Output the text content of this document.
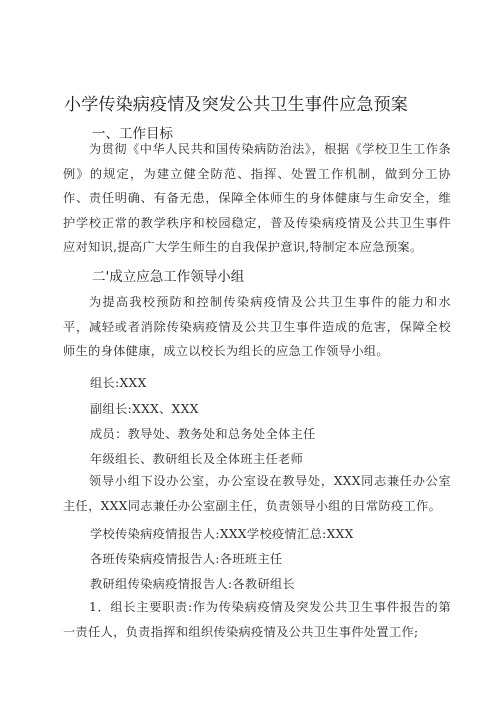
小学传染病疫情及突发公共卫生事件应急预案
一、工作目标
为贯彻《中华人民共和国传染病防治法》，根据《学校卫生工作条例》的规定，为建立健全防范、指挥、处置工作机制，做到分工协作、责任明确、有备无患，保障全体师生的身体健康与生命安全，维护学校正常的教学秩序和校园稳定，普及传染病疫情及公共卫生事件应对知识,提高广大学生师生的自我保护意识,特制定本应急预案。
二'成立应急工作领导小组
为提高我校预防和控制传染病疫情及公共卫生事件的能力和水平，减轻或者消除传染病疫情及公共卫生事件造成的危害，保障全校师生的身体健康，成立以校长为组长的应急工作领导小组。
组长:XXX
副组长:XXX、XXX
成员：教导处、教务处和总务处全体主任
年级组长、教研组长及全体班主任老师
领导小组下设办公室，办公室设在教导处，XXX同志兼任办公室主任，XXX同志兼任办公室副主任，负责领导小组的日常防疫工作。
学校传染病疫情报告人:XXX学校疫情汇总:XXX
各班传染病疫情报告人:各班班主任
教研组传染病疫情报告人:各教研组长
1．组长主要职责:作为传染病疫情及突发公共卫生事件报告的第一责任人，负责指挥和组织传染病疫情及公共卫生事件处置工作;
